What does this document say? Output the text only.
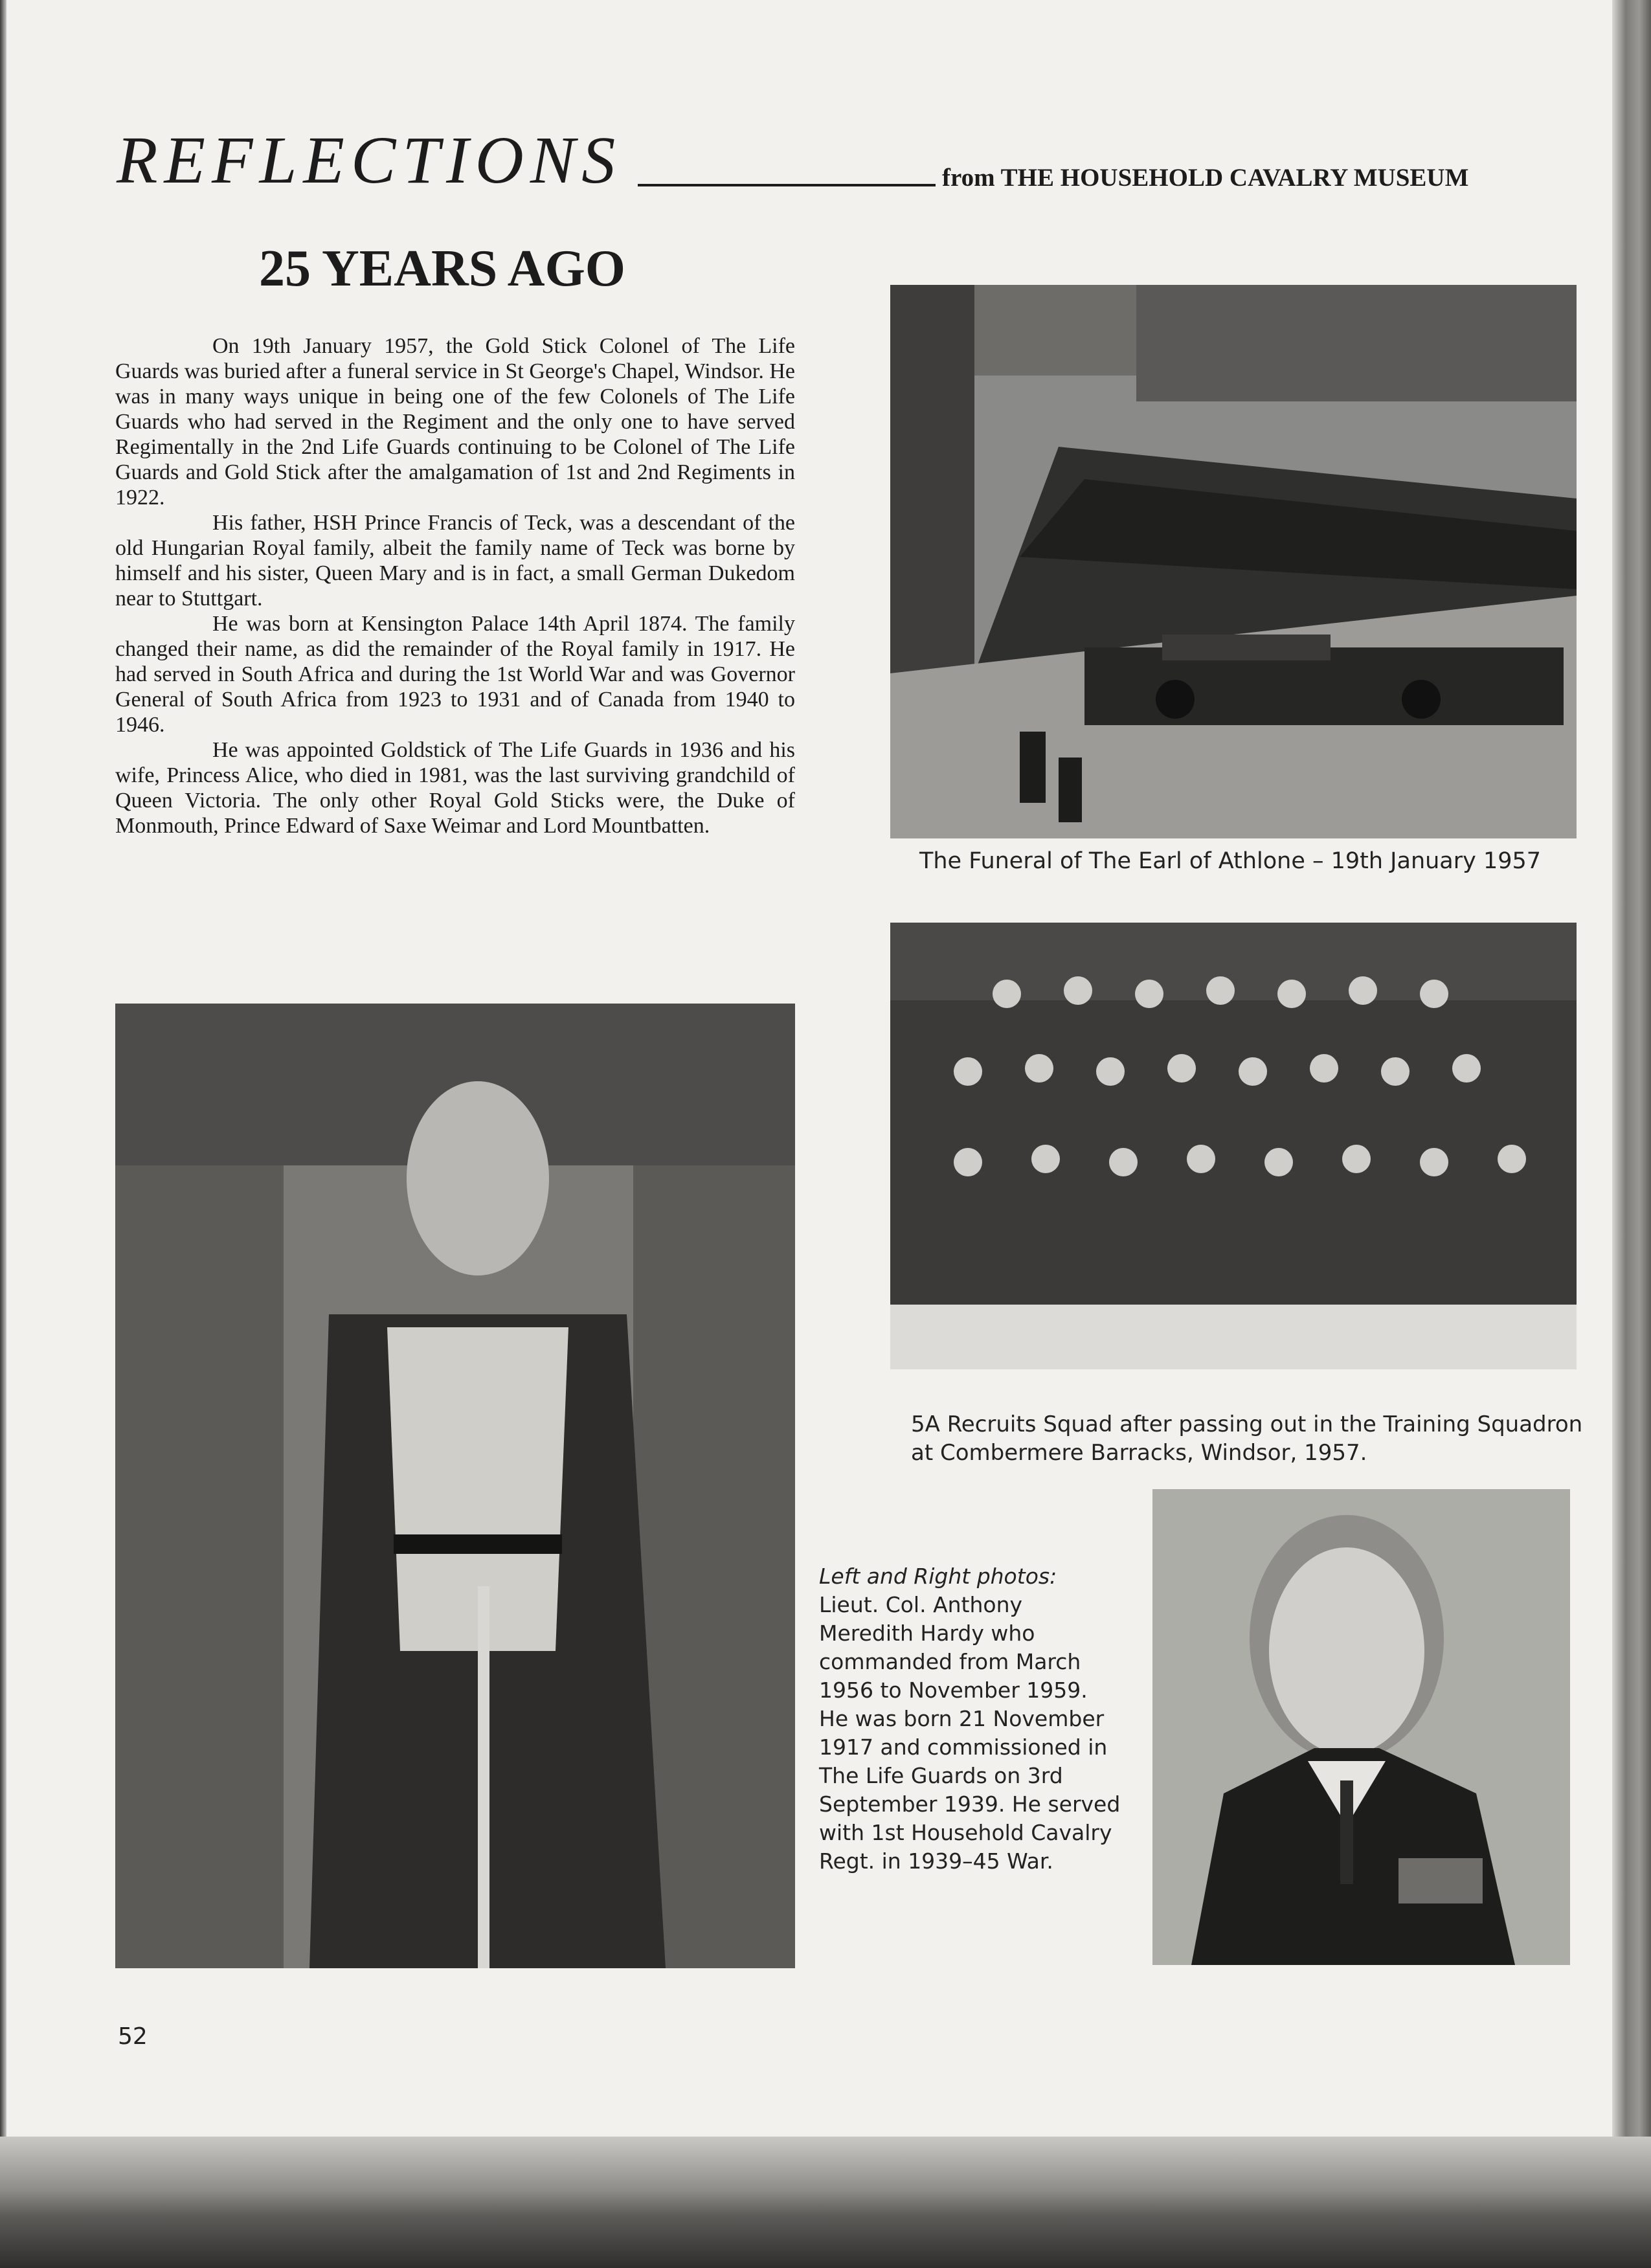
REFLECTIONS	from THE HOUSEHOLD CAVALRY MUSEUM
25 YEARS AGO

On 19th January 1957, the Gold Stick Colonel of The Life Guards was buried after a funeral service in St George's Chapel, Windsor. He was in many ways unique in being one of the few Colonels of The Life Guards who had served in the Regiment and the only one to have served Regimentally in the 2nd Life Guards continuing to be Colonel of The Life Guards and Gold Stick after the amalgamation of 1st and 2nd Regiments in 1922.

His father, HSH Prince Francis of Teck, was a descendant of the old Hungarian Royal family, albeit the family name of Teck was borne by himself and his sister, Queen Mary and is in fact, a small German Dukedom near to Stuttgart.

He was born at Kensington Palace 14th April 1874. The family changed their name, as did the remainder of the Royal family in 1917. He had served in South Africa and during the 1st World War and was Governor General of South Africa from 1923 to 1931 and of Canada from 1940 to 1946.

He was appointed Goldstick of The Life Guards in 1936 and his wife, Princess Alice, who died in 1981, was the last surviving grandchild of Queen Victoria. The only other Royal Gold Sticks were, the Duke of Monmouth, Prince Edward of Saxe Weimar and Lord Mountbatten.

The Funeral of The Earl of Athlone – 19th January 1957
5A Recruits Squad after passing out in the Training Squadron at Combermere Barracks, Windsor, 1957.
Left and Right photos:
Lieut. Col. Anthony Meredith Hardy who commanded from March 1956 to November 1959. He was born 21 November 1917 and commissioned in The Life Guards on 3rd September 1939. He served with 1st Household Cavalry Regt. in 1939–45 War.
52
